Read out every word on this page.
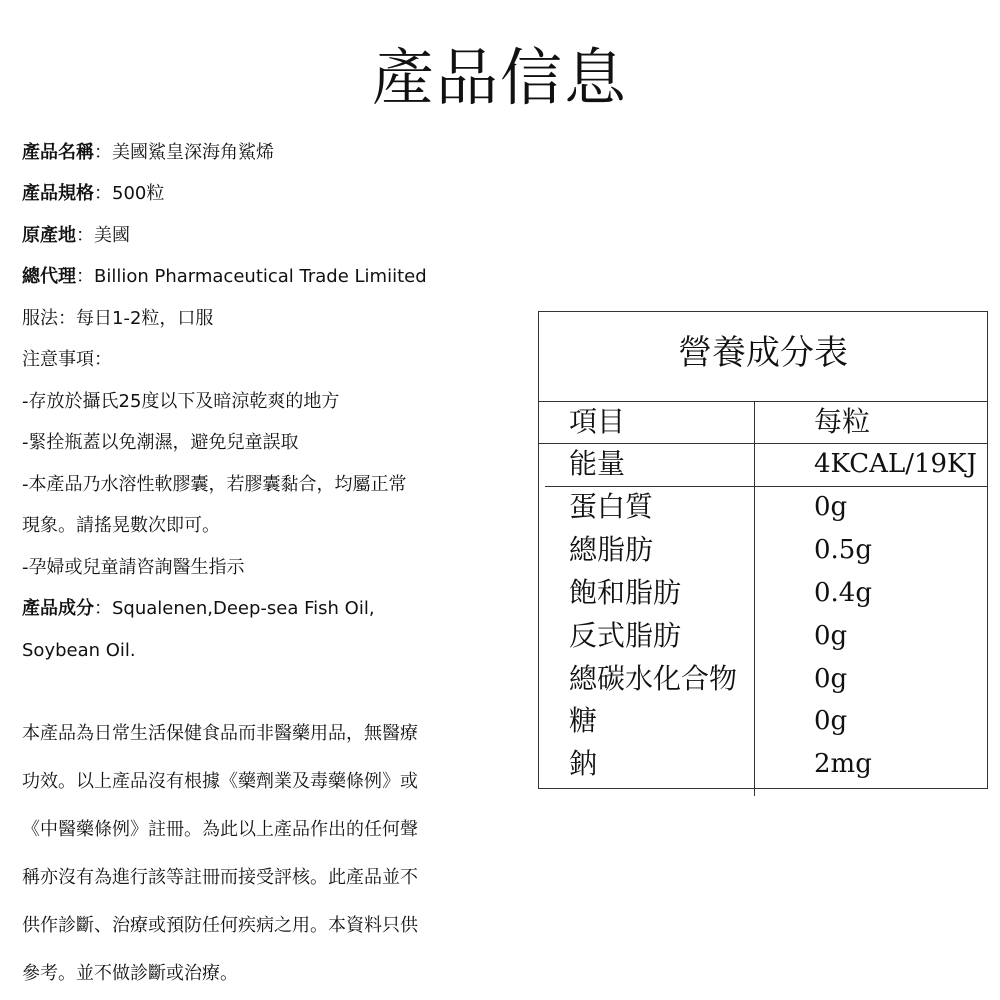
產品信息
產品名稱：美國鯊皇深海角鯊烯
產品規格：500粒
原產地：美國
總代理：Billion Pharmaceutical Trade Limiited
服法：每日1-2粒，口服
注意事項：
-存放於攝氏25度以下及暗涼乾爽的地方
-緊拴瓶蓋以免潮濕，避免兒童誤取
-本產品乃水溶性軟膠囊，若膠囊黏合，均屬正常
現象。請搖晃數次即可。
-孕婦或兒童請咨詢醫生指示
產品成分：Squalenen,Deep-sea Fish Oil,
Soybean Oil.
本產品為日常生活保健食品而非醫藥用品，無醫療
功效。以上產品沒有根據《藥劑業及毒藥條例》或
《中醫藥條例》註冊。為此以上產品作出的任何聲
稱亦沒有為進行該等註冊而接受評核。此產品並不
供作診斷、治療或預防任何疾病之用。本資料只供
參考。並不做診斷或治療。
營養成分表
項目	每粒
能量	4KCAL/19KJ
蛋白質	0g
總脂肪	0.5g
飽和脂肪	0.4g
反式脂肪	0g
總碳水化合物	0g
糖	0g
鈉	2mg
